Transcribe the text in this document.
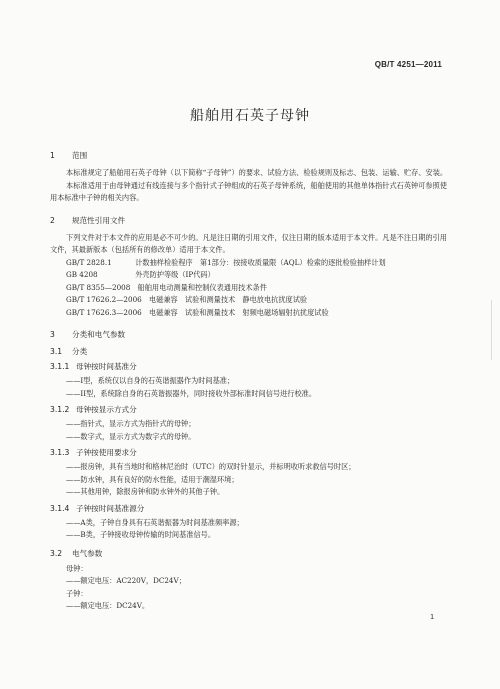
QB/T 4251—2011
船舶用石英子母钟
1 范围

本标准规定了船舶用石英子母钟（以下简称“子母钟”）的要求、试验方法、检验规则及标志、包装、运输、贮存、安装。

本标准适用于由母钟通过有线连接与多个指针式子钟组成的石英子母钟系统，船舶使用的其他单体指针式石英钟可参照使用本标准中子钟的相关内容。

2 规范性引用文件

下列文件对于本文件的应用是必不可少的。凡是注日期的引用文件，仅注日期的版本适用于本文件。凡是不注日期的引用文件，其最新版本（包括所有的修改单）适用于本文件。

GB/T 2828.1　	计数抽样检验程序　第1部分：按接收质量限（AQL）检索的逐批检验抽样计划

GB 4208　	外壳防护等级（IP代码）

GB/T 8355—2008　 船舶用电动测量和控制仪表通用技术条件

GB/T 17626.2—2006　 电磁兼容　试验和测量技术　静电放电抗扰度试验

GB/T 17626.3—2006　 电磁兼容　试验和测量技术　射频电磁场辐射抗扰度试验

3 分类和电气参数
3.1 分类
3.1.1 母钟按时间基准分

——I型，系统仅以自身的石英谐振器作为时间基准；

——II型，系统除自身的石英谐振器外，同时接收外部标准时间信号进行校准。

3.1.2 母钟按显示方式分

——指针式，显示方式为指针式的母钟；

——数字式，显示方式为数字式的母钟。

3.1.3 子钟按使用要求分

——报房钟，具有当地时和格林尼治时（UTC）的双时针显示，并标明收听求救信号时区；

——防水钟，具有良好的防水性能，适用于潮湿环境；

——其他用钟，除报房钟和防水钟外的其他子钟。

3.1.4 子钟按时间基准源分

——A类，子钟自身具有石英谐振器为时间基准频率源；

——B类，子钟接收母钟传输的时间基准信号。

3.2 电气参数

母钟：

——额定电压：AC220V，DC24V；

子钟：

——额定电压：DC24V。

1
